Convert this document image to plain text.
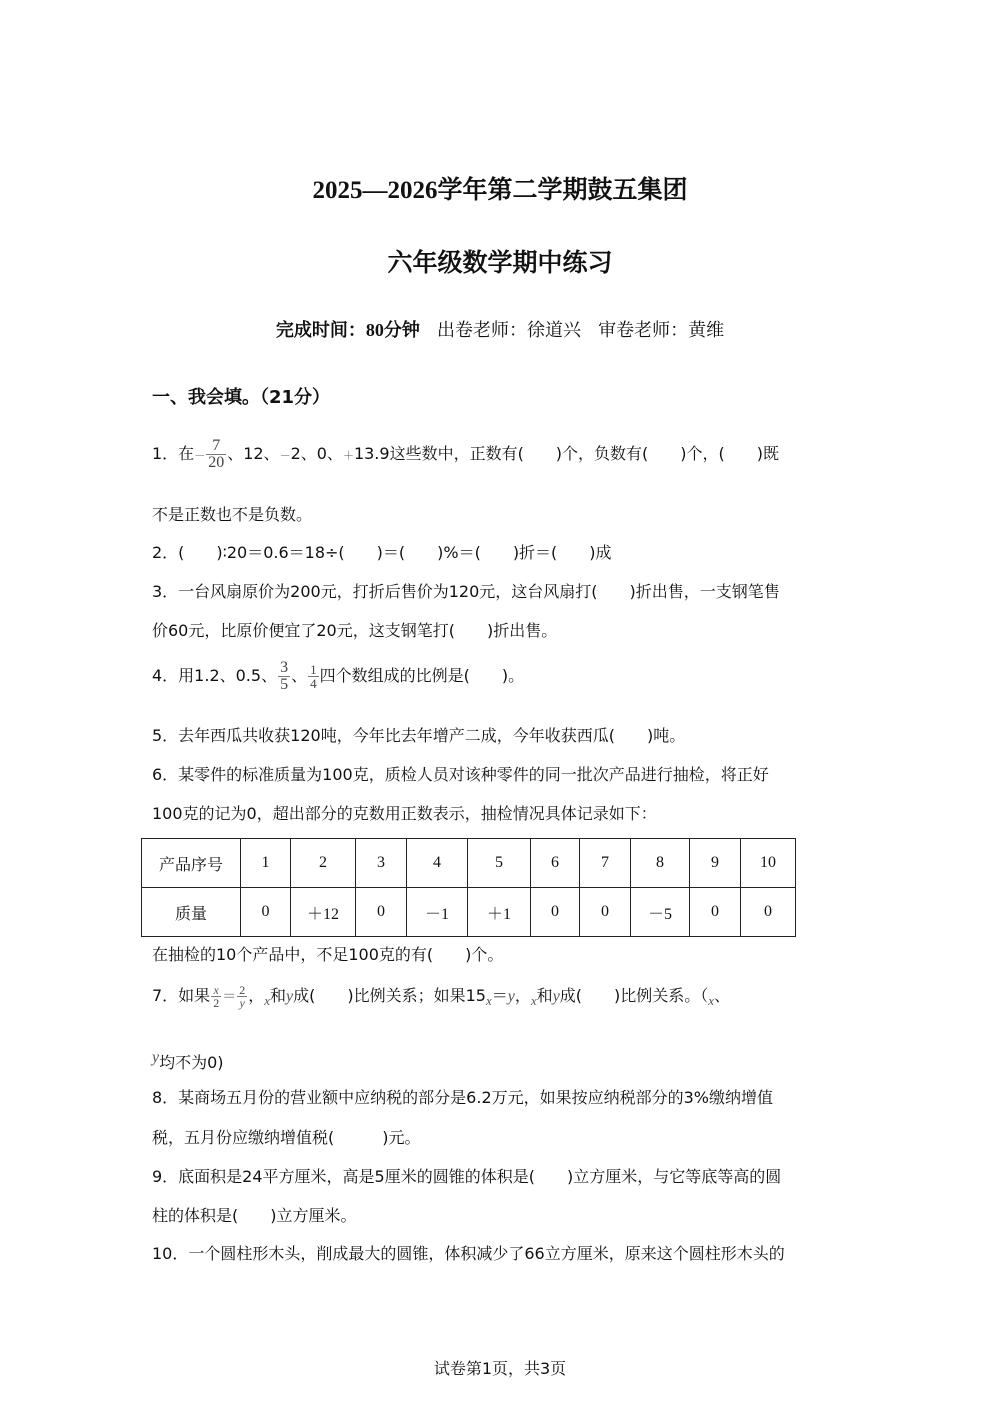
2025—2026学年第二学期鼓五集团
六年级数学期中练习
完成时间：80分钟 出卷老师：徐道兴 审卷老师：黄维
一、我会填。（21分）
1．在－ $\frac{7}{20}$ 、12、－2、0、＋13.9这些数中，正数有(　　)个，负数有(　　)个，(　　)既
不是正数也不是负数。
2．(　　)∶20＝0.6＝18÷(　　)＝(　　)%＝(　　)折＝(　　)成
3．一台风扇原价为200元，打折后售价为120元，这台风扇打(　　)折出售，一支钢笔售
价60元，比原价便宜了20元，这支钢笔打(　　)折出售。
4．用1.2、0.5、 $\frac{3}{5}$ 、 $\frac{1}{4}$ 四个数组成的比例是(　　)。
5．去年西瓜共收获120吨，今年比去年增产二成，今年收获西瓜(　　)吨。
6．某零件的标准质量为100克，质检人员对该种零件的同一批次产品进行抽检，将正好
100克的记为0，超出部分的克数用正数表示，抽检情况具体记录如下：
产品序号	1	2	3	4	5	6	7	8	9	10
质量	0	＋12	0	－1	＋1	0	0	－5	0	0
在抽检的10个产品中，不足100克的有(　　)个。
7．如果 $\frac{x}{2} = \frac{2}{y}$ ，$_x$和y成(　　)比例关系；如果$15_x=y$，$_x$和y成(　　)比例关系。（$_x$、
y均不为0)
8．某商场五月份的营业额中应纳税的部分是6.2万元，如果按应纳税部分的3%缴纳增值
税，五月份应缴纳增值税(　　　)元。
9．底面积是24平方厘米，高是5厘米的圆锥的体积是(　　)立方厘米，与它等底等高的圆
柱的体积是(　　)立方厘米。
10．一个圆柱形木头，削成最大的圆锥，体积减少了66立方厘米，原来这个圆柱形木头的
试卷第1页，共3页
